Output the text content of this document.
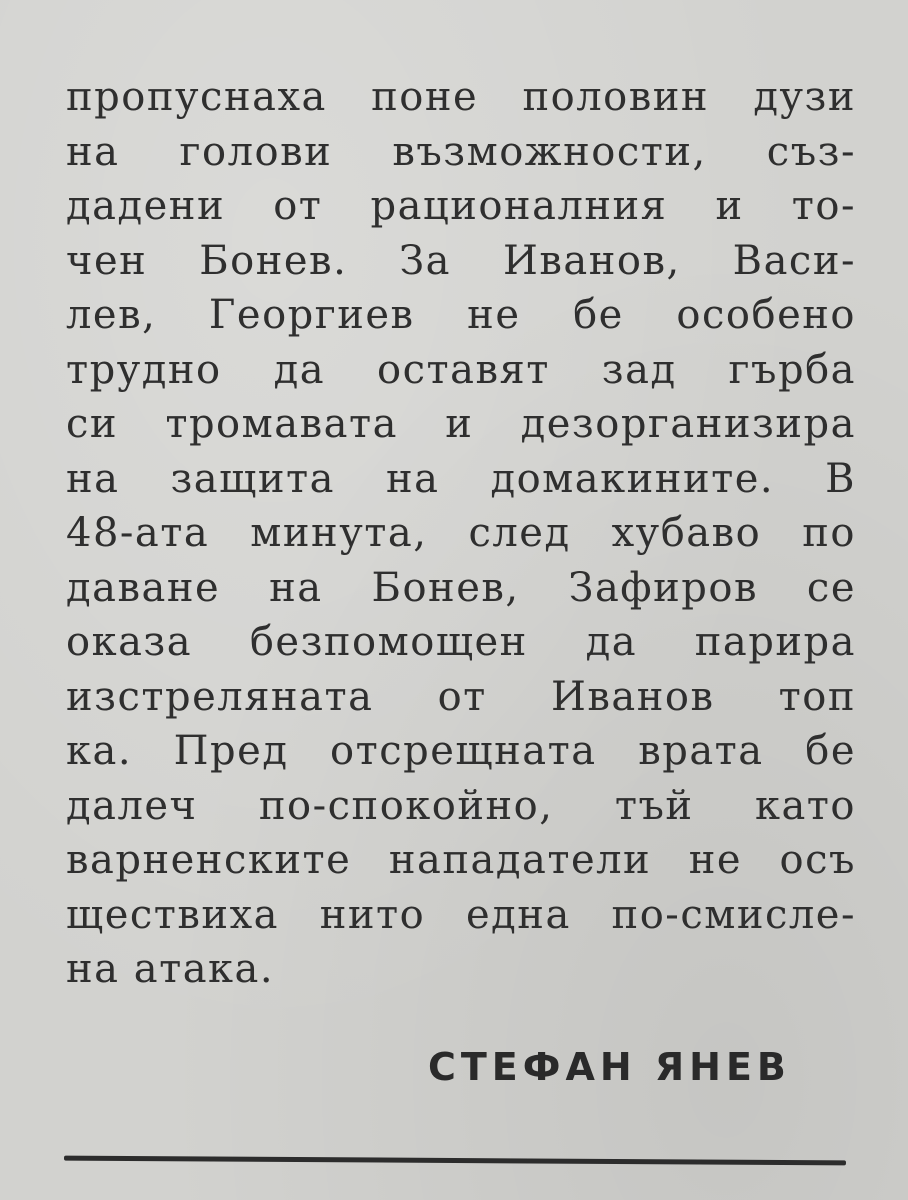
пропуснаха поне половин дузи
на голови възможности, съз-
дадени от рационалния и то-
чен Бонев. За Иванов, Васи-
лев, Георгиев не бе особено
трудно да оставят зад гърба
си тромавата и дезорганизира
на защита на домакините. В
48-ата минута, след хубаво по
даване на Бонев, Зафиров се
оказа безпомощен да парира
изстреляната от Иванов топ
ка. Пред отсрещната врата бе
далеч по-спокойно, тъй като
варненските нападатели не осъ
ществиха нито една по-смисле-
на атака.
СТЕФАН ЯНЕВ
